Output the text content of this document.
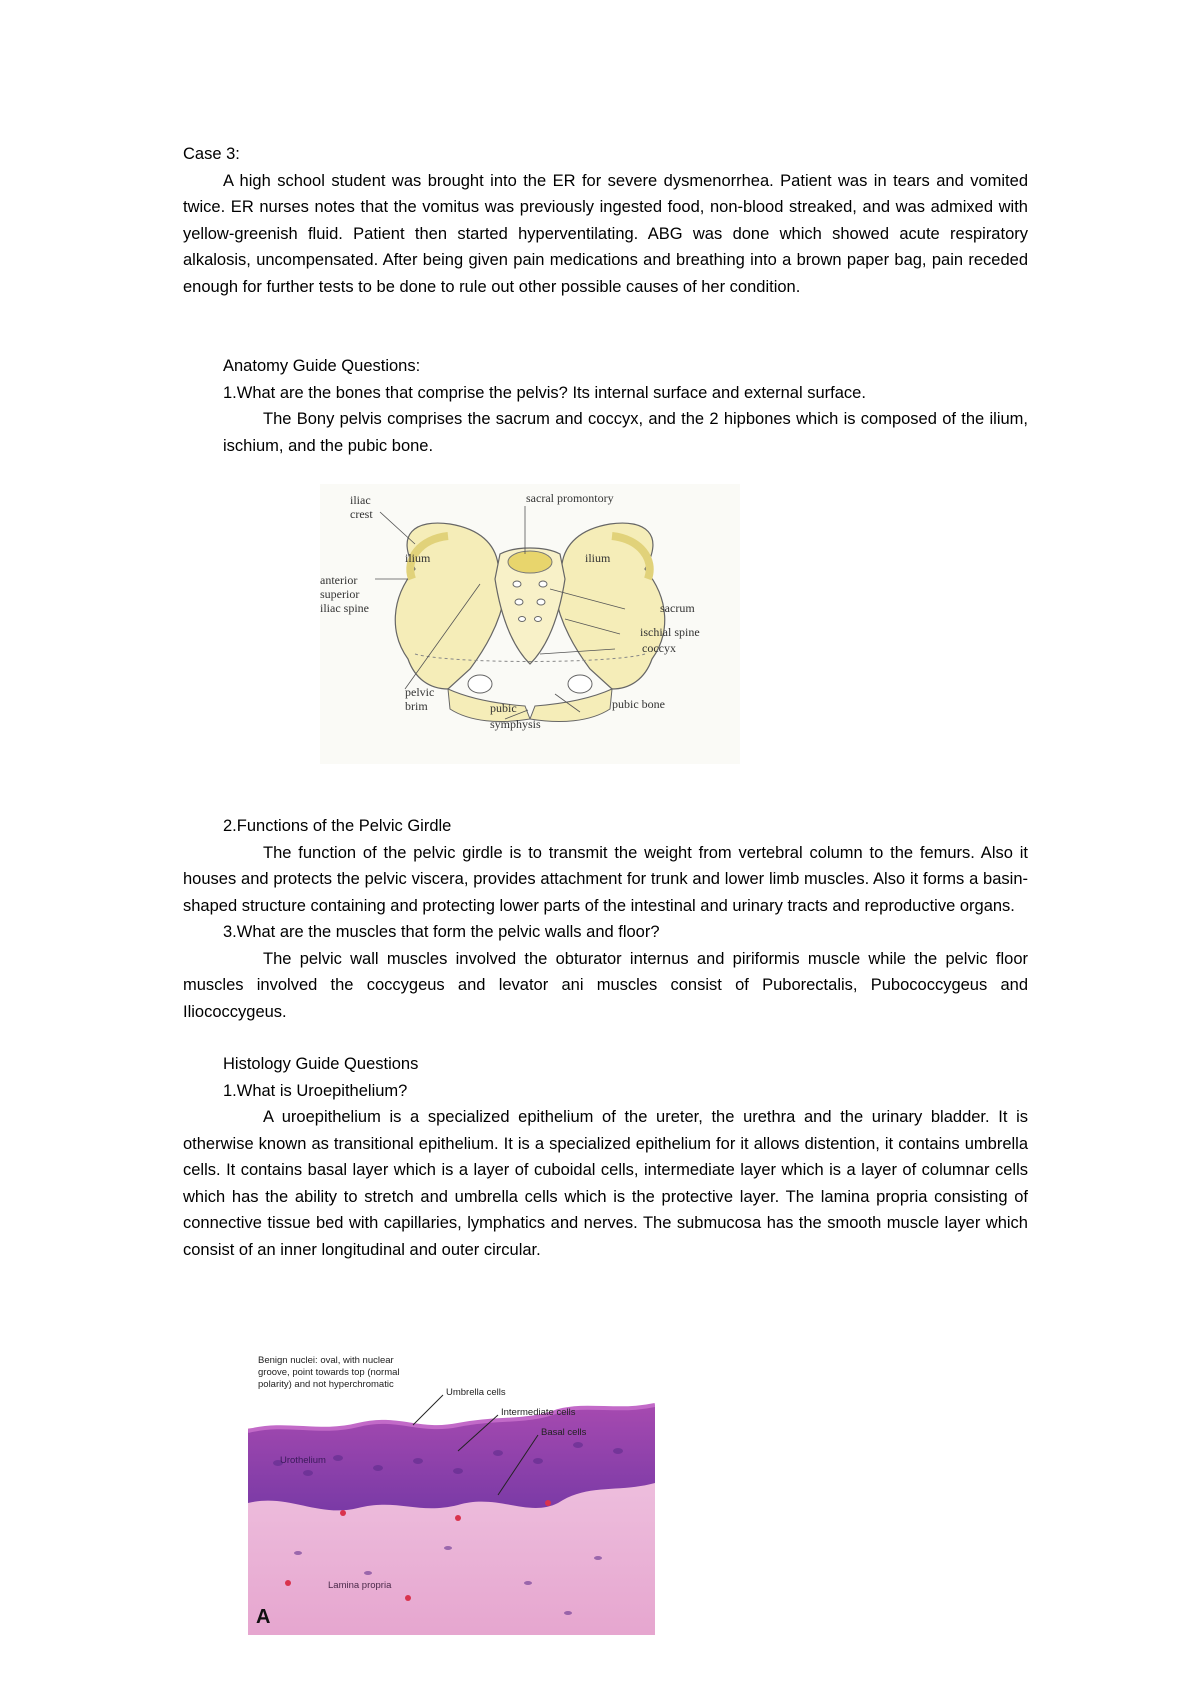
Case 3:

A high school student was brought into the ER for severe dysmenorrhea. Patient was in tears and vomited twice. ER nurses notes that the vomitus was previously ingested food, non-blood streaked, and was admixed with yellow-greenish fluid. Patient then started hyperventilating. ABG was done which showed acute respiratory alkalosis, uncompensated. After being given pain medications and breathing into a brown paper bag, pain receded enough for further tests to be done to rule out other possible causes of her condition.

Anatomy Guide Questions:

1.What are the bones that comprise the pelvis? Its internal surface and external surface.

The Bony pelvis comprises the sacrum and coccyx, and the 2 hipbones which is composed of the ilium, ischium, and the pubic bone.

iliac
crest
sacral promontory
ilium	ilium
anterior
superior
iliac spine	sacrum
ischial spine
coccyx
pelvic
brim	pubic
symphysis
pubic bone

2.Functions of the Pelvic Girdle

The function of the pelvic girdle is to transmit the weight from vertebral column to the femurs. Also it houses and protects the pelvic viscera, provides attachment for trunk and lower limb muscles. Also it forms a basin-shaped structure containing and protecting lower parts of the intestinal and urinary tracts and reproductive organs.

3.What are the muscles that form the pelvic walls and floor?

The pelvic wall muscles involved the obturator internus and piriformis muscle while the pelvic floor muscles involved the coccygeus and levator ani muscles consist of Puborectalis, Pubococcygeus and Iliococcygeus.

Histology Guide Questions

1.What is Uroepithelium?

A uroepithelium is a specialized epithelium of the ureter, the urethra and the urinary bladder. It is otherwise known as transitional epithelium. It is a specialized epithelium for it allows distention, it contains umbrella cells. It contains basal layer which is a layer of cuboidal cells, intermediate layer which is a layer of columnar cells which has the ability to stretch and umbrella cells which is the protective layer. The lamina propria consisting of connective tissue bed with capillaries, lymphatics and nerves. The submucosa has the smooth muscle layer which consist of an inner longitudinal and outer circular.

Benign nuclei: oval, with nuclear
groove, point towards top (normal
polarity) and not hyperchromatic
Umbrella cells
Intermediate cells
Basal cells
Urothelium
Lamina propria
A
